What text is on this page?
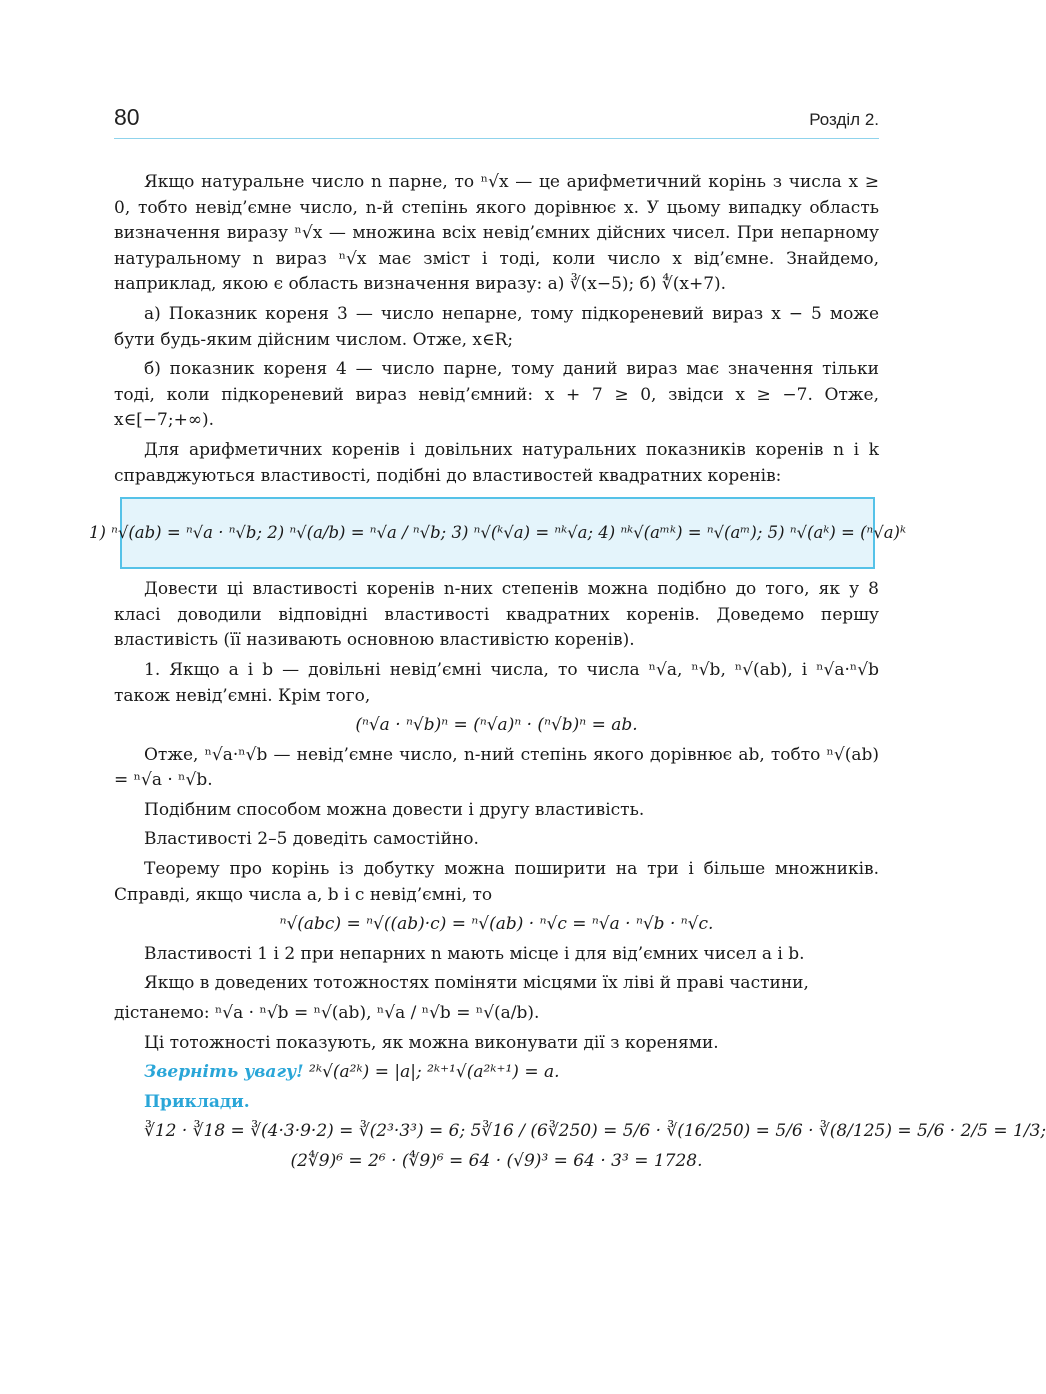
80	Розділ 2.

Якщо натуральне число n парне, то ⁿ√x — це арифметичний корінь з числа x ≥ 0, тобто невід’ємне число, n-й степінь якого дорівнює x. У цьому випадку область визначення виразу ⁿ√x — множина всіх невід’ємних дійсних чисел. При непарному натуральному n вираз ⁿ√x має зміст і тоді, коли число x від’ємне. Знайдемо, наприклад, якою є область визначення виразу: а) ∛(x−5); б) ∜(x+7).

а) Показник кореня 3 — число непарне, тому підкореневий вираз x − 5 може бути будь-яким дійсним числом. Отже, x∈R;

б) показник кореня 4 — число парне, тому даний вираз має значення тільки тоді, коли підкореневий вираз невід’ємний: x + 7 ≥ 0, звідси x ≥ −7. Отже, x∈[−7;+∞).

Для арифметичних коренів і довільних натуральних показників коренів n і k справджуються властивості, подібні до властивостей квадратних коренів:

1) ⁿ√(ab) = ⁿ√a · ⁿ√b; 2) ⁿ√(a/b) = ⁿ√a / ⁿ√b; 3) ⁿ√(ᵏ√a) = ⁿᵏ√a; 4) ⁿᵏ√(aᵐᵏ) = ⁿ√(aᵐ); 5) ⁿ√(aᵏ) = (ⁿ√a)ᵏ

Довести ці властивості коренів n-них степенів можна подібно до того, як у 8 класі доводили відповідні властивості квадратних коренів. Доведемо першу властивість (її називають основною властивістю коренів).

1. Якщо a і b — довільні невід’ємні числа, то числа ⁿ√a, ⁿ√b, ⁿ√(ab), і ⁿ√a·ⁿ√b також невід’ємні. Крім того,

(ⁿ√a · ⁿ√b)ⁿ = (ⁿ√a)ⁿ · (ⁿ√b)ⁿ = ab.

Отже, ⁿ√a·ⁿ√b — невід’ємне число, n-ний степінь якого дорівнює ab, тобто ⁿ√(ab) = ⁿ√a · ⁿ√b.

Подібним способом можна довести і другу властивість.

Властивості 2–5 доведіть самостійно.

Теорему про корінь із добутку можна поширити на три і більше множників. Справді, якщо числа a, b і c невід’ємні, то

ⁿ√(abc) = ⁿ√((ab)·c) = ⁿ√(ab) · ⁿ√c = ⁿ√a · ⁿ√b · ⁿ√c.

Властивості 1 і 2 при непарних n мають місце і для від’ємних чисел a і b.

Якщо в доведених тотожностях поміняти місцями їх ліві й праві частини,

дістанемо: ⁿ√a · ⁿ√b = ⁿ√(ab), ⁿ√a / ⁿ√b = ⁿ√(a/b).

Ці тотожності показують, як можна виконувати дії з коренями.

Зверніть увагу! ²ᵏ√(a²ᵏ) = |a|; ²ᵏ⁺¹√(a²ᵏ⁺¹) = a.

Приклади.

∛12 · ∛18 = ∛(4·3·9·2) = ∛(2³·3³) = 6; 5∛16 / (6∛250) = 5/6 · ∛(16/250) = 5/6 · ∛(8/125) = 5/6 · 2/5 = 1/3;

(2∜9)⁶ = 2⁶ · (∜9)⁶ = 64 · (√9)³ = 64 · 3³ = 1728.
